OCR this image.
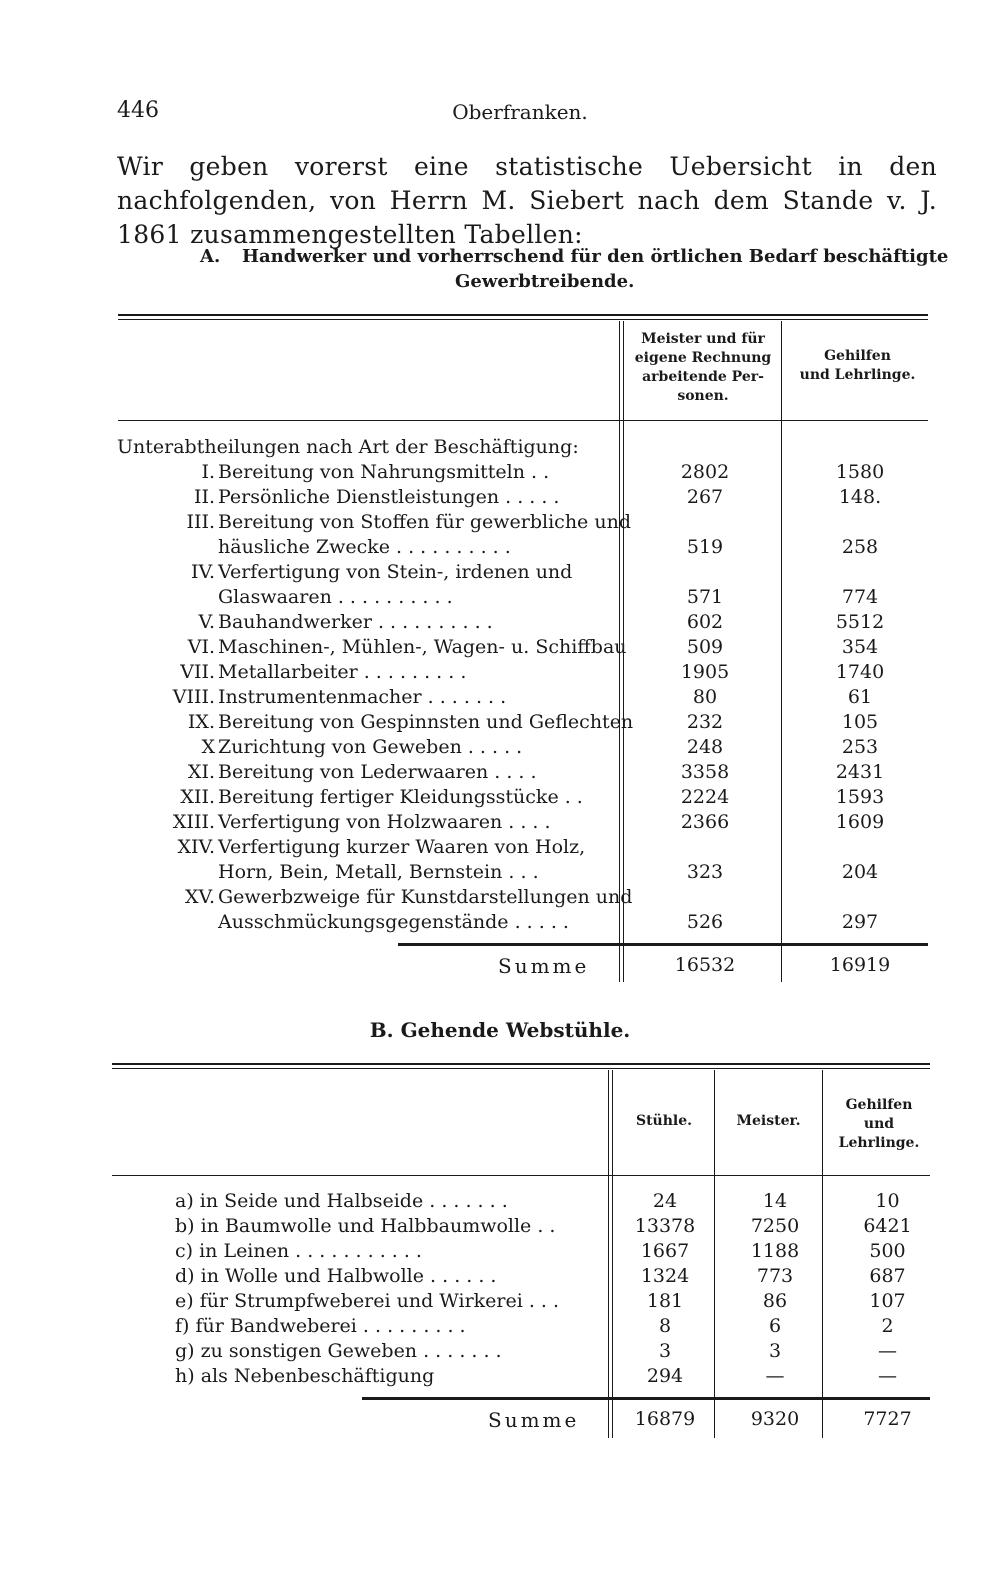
446	Oberfranken.
Wir geben vorerst eine statistische Uebersicht in den nachfolgenden, von Herrn M. Siebert nach dem Stande v. J. 1861 zusammengestellten Tabellen:
A. Handwerker und vorherrschend für den örtlichen Bedarf beschäftigte
Gewerbtreibende.
Meister und für
eigene Rechnung
arbeitende Per-
sonen.
Gehilfen
und Lehrlinge.
Unterabtheilungen nach Art der Beschäftigung:
I. Bereitung von Nahrungsmitteln . .	2802	1580
II. Persönliche Dienstleistungen . . . . .	267	148.
III. Bereitung von Stoffen für gewerbliche und
häusliche Zwecke . . . . . . . . . .	519	258
IV. Verfertigung von Stein-, irdenen und
Glaswaaren . . . . . . . . . .	571	774
V. Bauhandwerker . . . . . . . . . .	602	5512
VI. Maschinen-, Mühlen-, Wagen- u. Schiffbau	509	354
VII. Metallarbeiter . . . . . . . . .	1905	1740
VIII. Instrumentenmacher . . . . . . .	80	61
IX. Bereitung von Gespinnsten und Geflechten	232	105
X Zurichtung von Geweben . . . . .	248	253
XI. Bereitung von Lederwaaren . . . .	3358	2431
XII. Bereitung fertiger Kleidungsstücke . .	2224	1593
XIII. Verfertigung von Holzwaaren . . . .	2366	1609
XIV. Verfertigung kurzer Waaren von Holz,
Horn, Bein, Metall, Bernstein . . .	323	204
XV. Gewerbzweige für Kunstdarstellungen und
Ausschmückungsgegenstände . . . . .	526	297
Summe	16532	16919
B. Gehende Webstühle.
Stühle.	Meister.
Gehilfen
und
Lehrlinge.
a) in Seide und Halbseide . . . . . . .	24	14	10
b) in Baumwolle und Halbbaumwolle . .	13378	7250	6421
c) in Leinen . . . . . . . . . . .	1667	1188	500
d) in Wolle und Halbwolle . . . . . .	1324	773	687
e) für Strumpfweberei und Wirkerei . . .	181	86	107
f) für Bandweberei . . . . . . . . .	8	6	2
g) zu sonstigen Geweben . . . . . . .	3	3	—
h) als Nebenbeschäftigung	294	—	—
Summe	16879	9320	7727
